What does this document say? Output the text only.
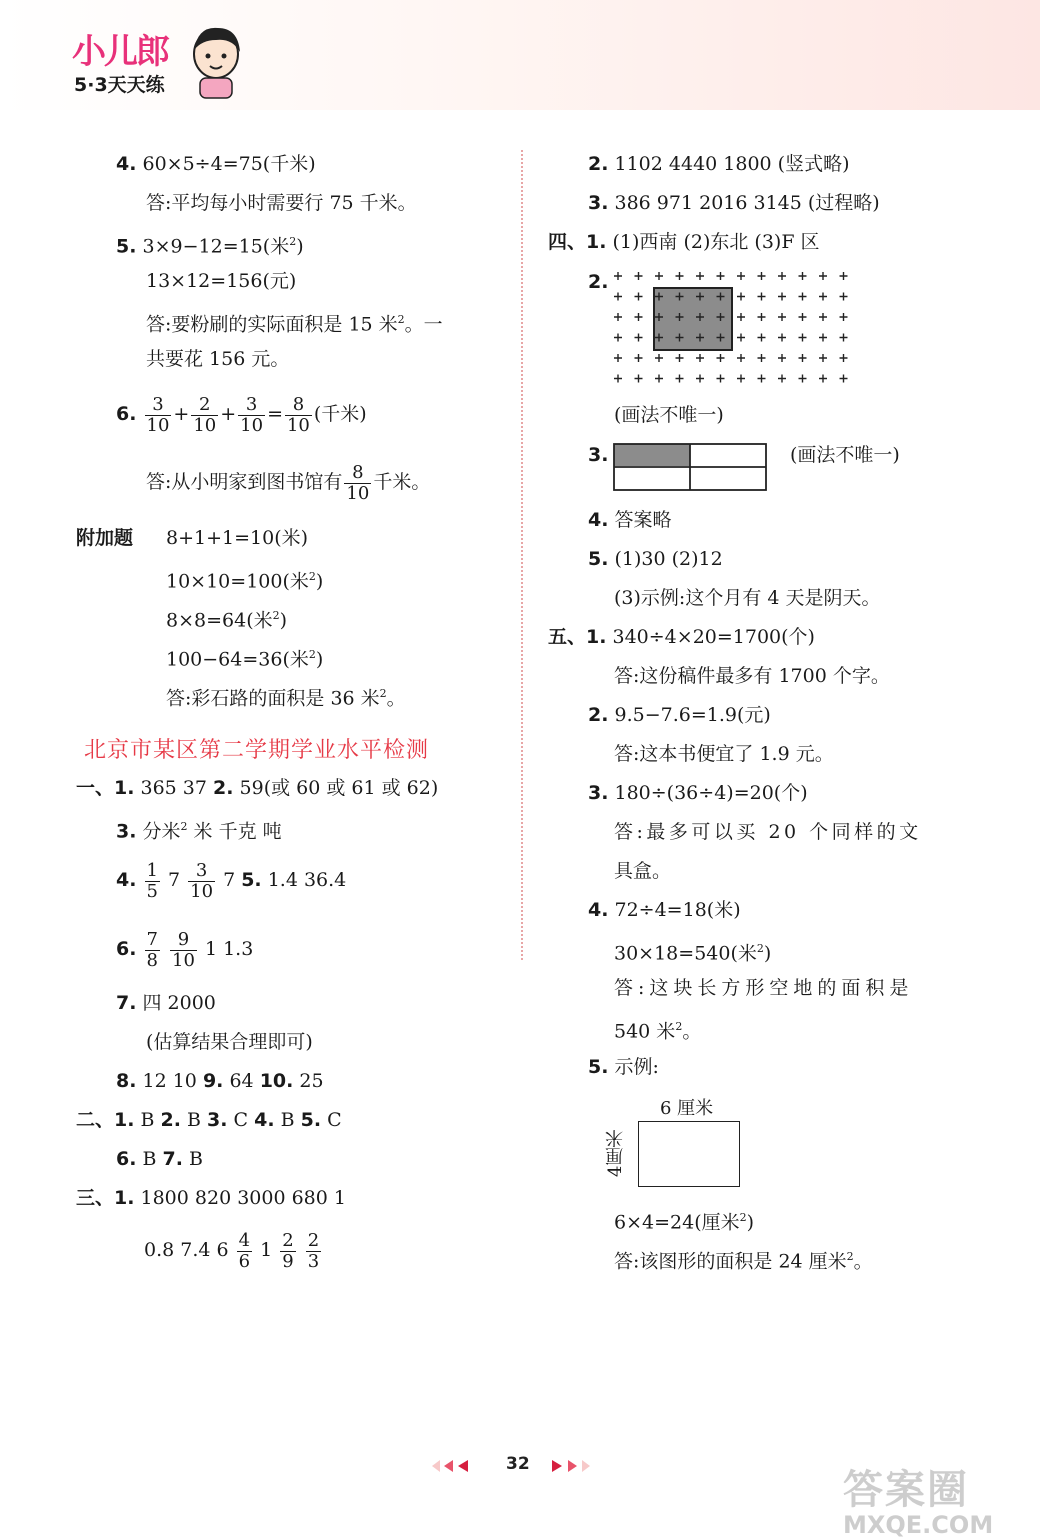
小儿郎
5·3天天练
4. 60×5÷4=75(千米)
答:平均每小时需要行 75 千米。
5. 3×9−12=15(米$^2$)
13×12=156(元)
答:要粉刷的实际面积是 15 米$^2$。一
共要花 156 元。
6. $\frac{3}{10} + \frac{2}{10} + \frac{3}{10} = \frac{8}{10}$ (千米)
答:从小明家到图书馆有 $\frac{8}{10}$ 千米。
附加题 8+1+1=10(米)
10×10=100(米$^2$)
8×8=64(米$^2$)
100−64=36(米$^2$)
答:彩石路的面积是 36 米$^2$。
北京市某区第二学期学业水平检测
一、1. 365 37 2. 59(或 60 或 61 或 62)
3. 分米$^2$ 米 千克 吨
4. $\frac{1}{5} 7 \frac{3}{10} 7$ 5. 1.4 36.4
6. $\frac{7}{8}$
$\frac{9}{10} 1$ 1.3
7. 四 2000
(估算结果合理即可)
8. 12 10 9. 64 10. 25
二、1. B 2. B 3. C 4. B 5. C
6. B 7. B
三、1. 1800 820 3000 680 1
0.8 7.4 $6 \frac{4}{6} 1 \frac{2}{9}$
$\frac{2}{3}$
2. 1102 4440 1800 (竖式略)
3. 386 971 2016 3145 (过程略)
四、1. (1)西南 (2)东北 (3)F 区
2.
(画法不唯一)
3.	(画法不唯一)
4. 答案略
5. (1)30 (2)12
(3)示例:这个月有 4 天是阴天。
五、1. 340÷4×20=1700(个)
答:这份稿件最多有 1700 个字。
2. 9.5−7.6=1.9(元)
答:这本书便宜了 1.9 元。
3. 180÷(36÷4)=20(个)
答:最多可以买 20 个同样的文
具盒。
4. 72÷4=18(米)
30×18=540(米$^2$)
答:这块长方形空地的面积是
540 米$^2$。
5. 示例:
6 厘米
4厘米
6×4=24(厘米$^2$)
答:该图形的面积是 24 厘米$^2$。
32
答案圈
MXQE.COM
